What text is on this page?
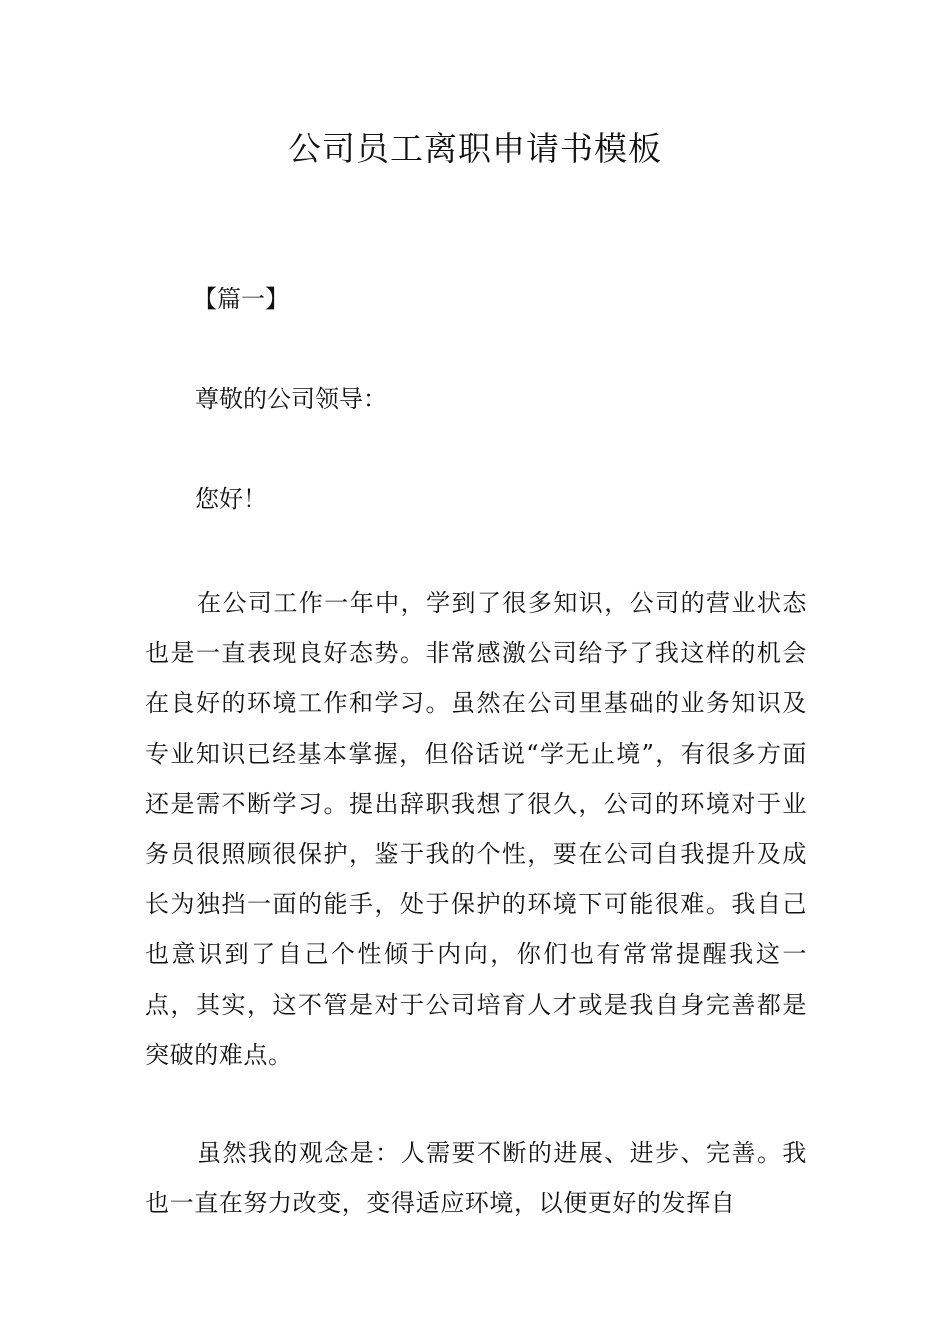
公司员工离职申请书模板

【篇一】

尊敬的公司领导：

您好！

在公司工作一年中，学到了很多知识，公司的营业状态也是一直表现良好态势。非常感激公司给予了我这样的机会在良好的环境工作和学习。虽然在公司里基础的业务知识及专业知识已经基本掌握，但俗话说“学无止境”，有很多方面还是需不断学习。提出辞职我想了很久，公司的环境对于业务员很照顾很保护，鉴于我的个性，要在公司自我提升及成长为独挡一面的能手，处于保护的环境下可能很难。我自己也意识到了自己个性倾于内向，你们也有常常提醒我这一点，其实，这不管是对于公司培育人才或是我自身完善都是突破的难点。

虽然我的观念是：人需要不断的进展、进步、完善。我也一直在努力改变，变得适应环境，以便更好的发挥自
